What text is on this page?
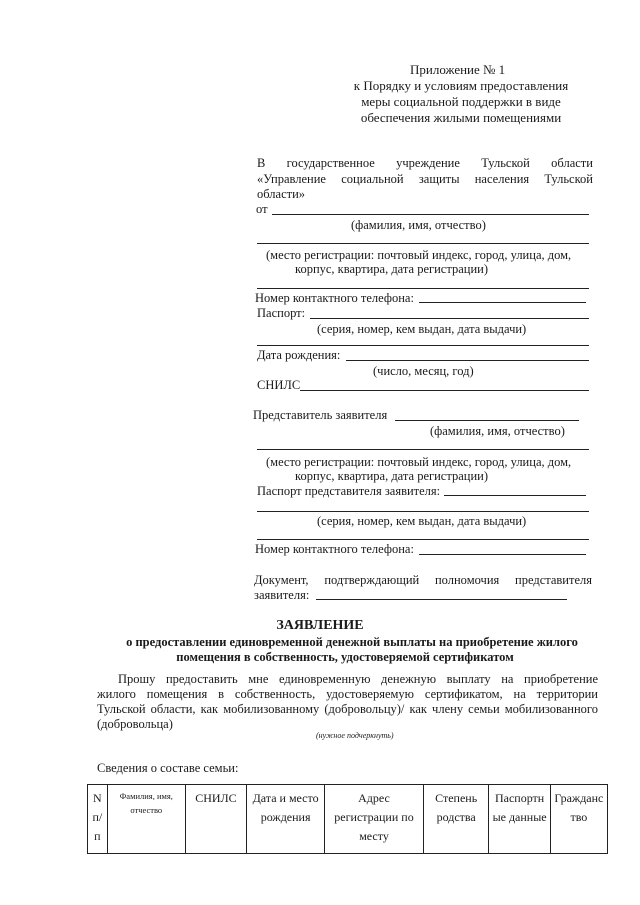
Приложение № 1
к Порядку и условиям предоставления
меры социальной поддержки в виде
обеспечения жилыми помещениями
В государственное учреждение Тульской области
«Управление социальной защиты населения Тульской
области»
от
(фамилия, имя, отчество)
(место регистрации: почтовый индекс, город, улица, дом,
корпус, квартира, дата регистрации)
Номер контактного телефона:
Паспорт:
(серия, номер, кем выдан, дата выдачи)
Дата рождения:
(число, месяц, год)
СНИЛС
Представитель заявителя
(фамилия, имя, отчество)
(место регистрации: почтовый индекс, город, улица, дом,
корпус, квартира, дата регистрации)
Паспорт представителя заявителя:
(серия, номер, кем выдан, дата выдачи)
Номер контактного телефона:
Документ, подтверждающий полномочия представителя
заявителя:
ЗАЯВЛЕНИЕ
о предоставлении единовременной денежной выплаты на приобретение жилого
помещения в собственность, удостоверяемой сертификатом
Прошу предоставить мне единовременную денежную выплату на приобретение
жилого помещения в собственность, удостоверяемую сертификатом, на территории
Тульской области, как мобилизованному (добровольцу)/ как члену семьи мобилизованного
(добровольца)
(нужное подчеркнуть)
Сведения о составе семьи:
N п/п	Фамилия, имя, отчество	СНИЛС	Дата и место рождения	Адрес регистрации по месту	Степень родства	Паспортн ые данные	Гражданс тво
